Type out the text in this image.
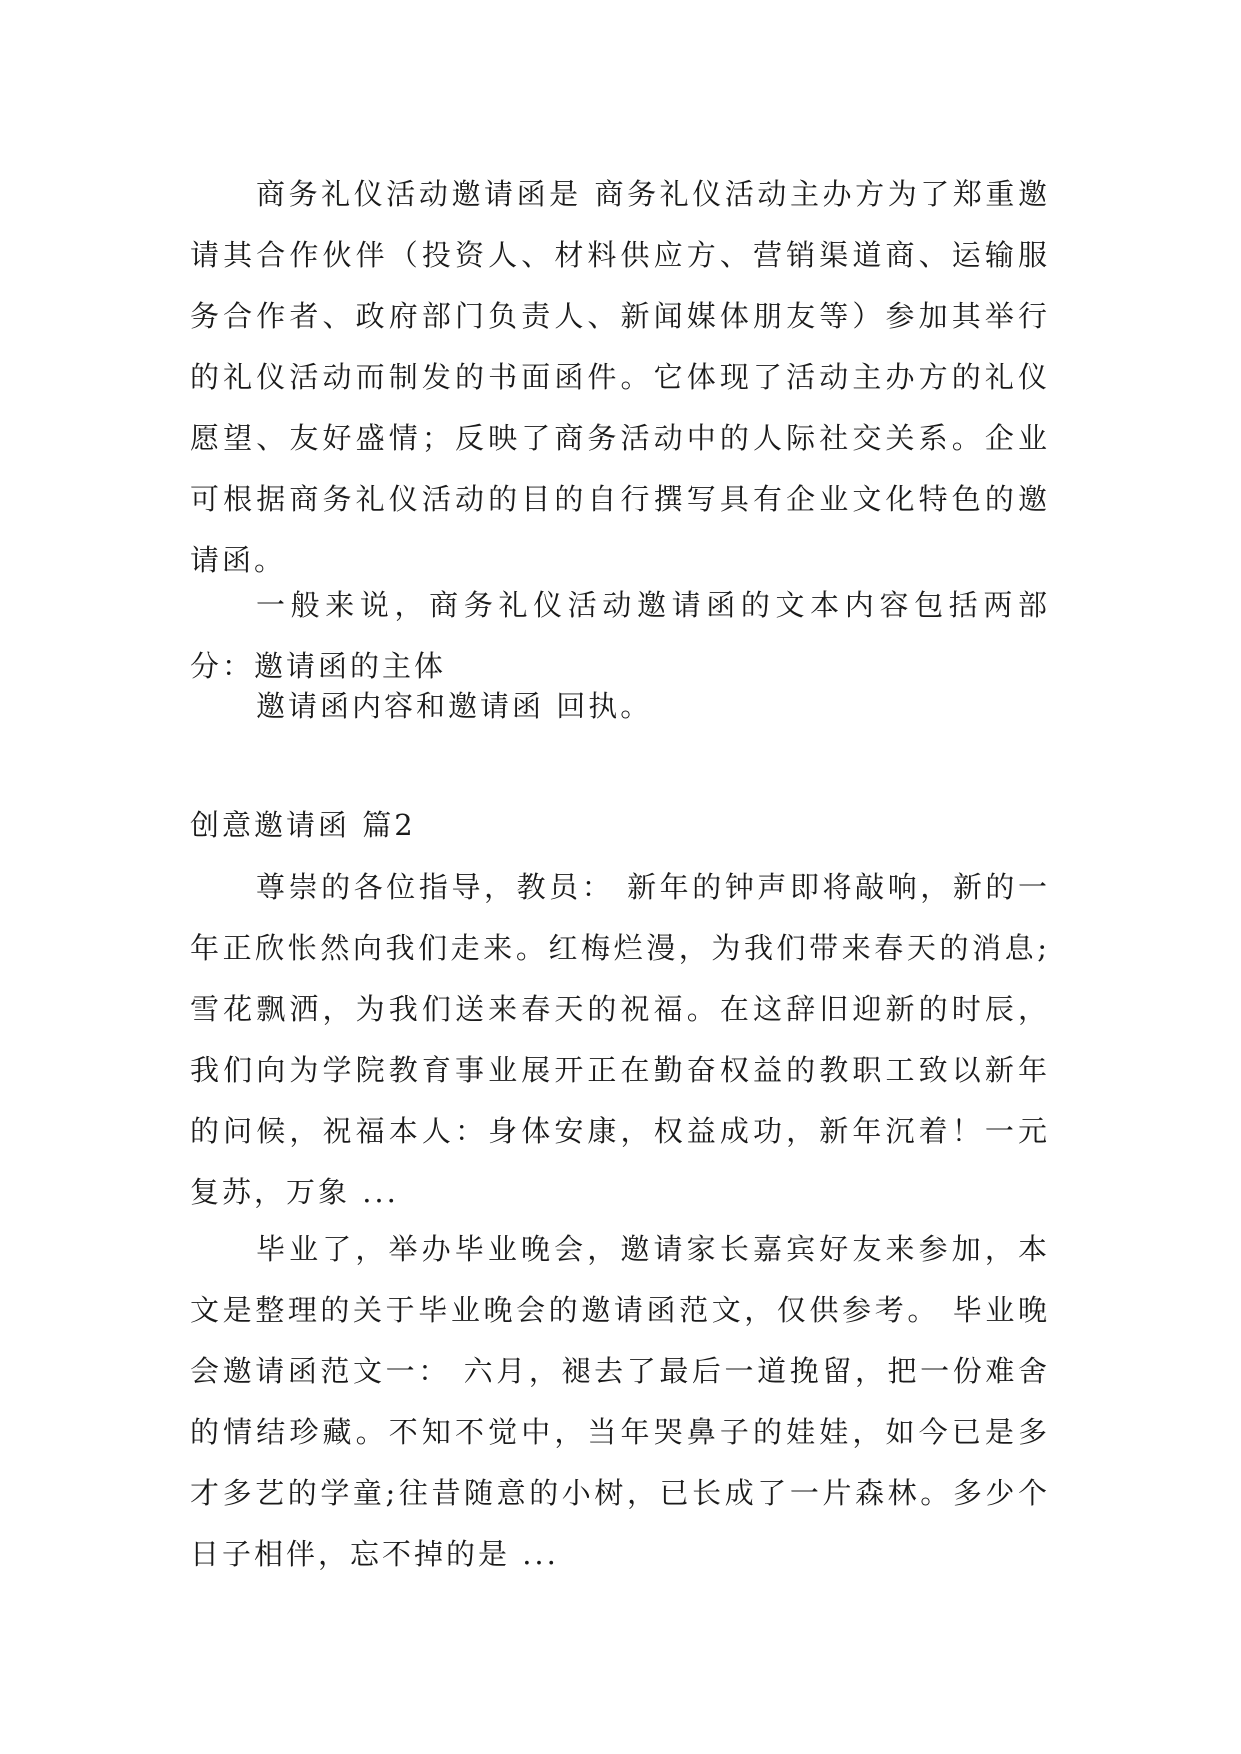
商务礼仪活动邀请函是 商务礼仪活动主办方为了郑重邀请其合作伙伴（投资人、材料供应方、营销渠道商、运输服务合作者、政府部门负责人、新闻媒体朋友等）参加其举行的礼仪活动而制发的书面函件。它体现了活动主办方的礼仪愿望、友好盛情；反映了商务活动中的人际社交关系。企业可根据商务礼仪活动的目的自行撰写具有企业文化特色的邀请函。

一般来说，商务礼仪活动邀请函的文本内容包括两部分：邀请函的主体

邀请函内容和邀请函 回执。

创意邀请函 篇2

尊崇的各位指导，教员： 新年的钟声即将敲响，新的一年正欣怅然向我们走来。红梅烂漫，为我们带来春天的消息;雪花飘洒，为我们送来春天的祝福。在这辞旧迎新的时辰，我们向为学院教育事业展开正在勤奋权益的教职工致以新年的问候，祝福本人：身体安康，权益成功，新年沉着！一元复苏，万象 ...

毕业了，举办毕业晚会，邀请家长嘉宾好友来参加，本文是整理的关于毕业晚会的邀请函范文，仅供参考。 毕业晚会邀请函范文一： 六月，褪去了最后一道挽留，把一份难舍的情结珍藏。不知不觉中，当年哭鼻子的娃娃，如今已是多才多艺的学童;往昔随意的小树，已长成了一片森林。多少个日子相伴，忘不掉的是 ...
